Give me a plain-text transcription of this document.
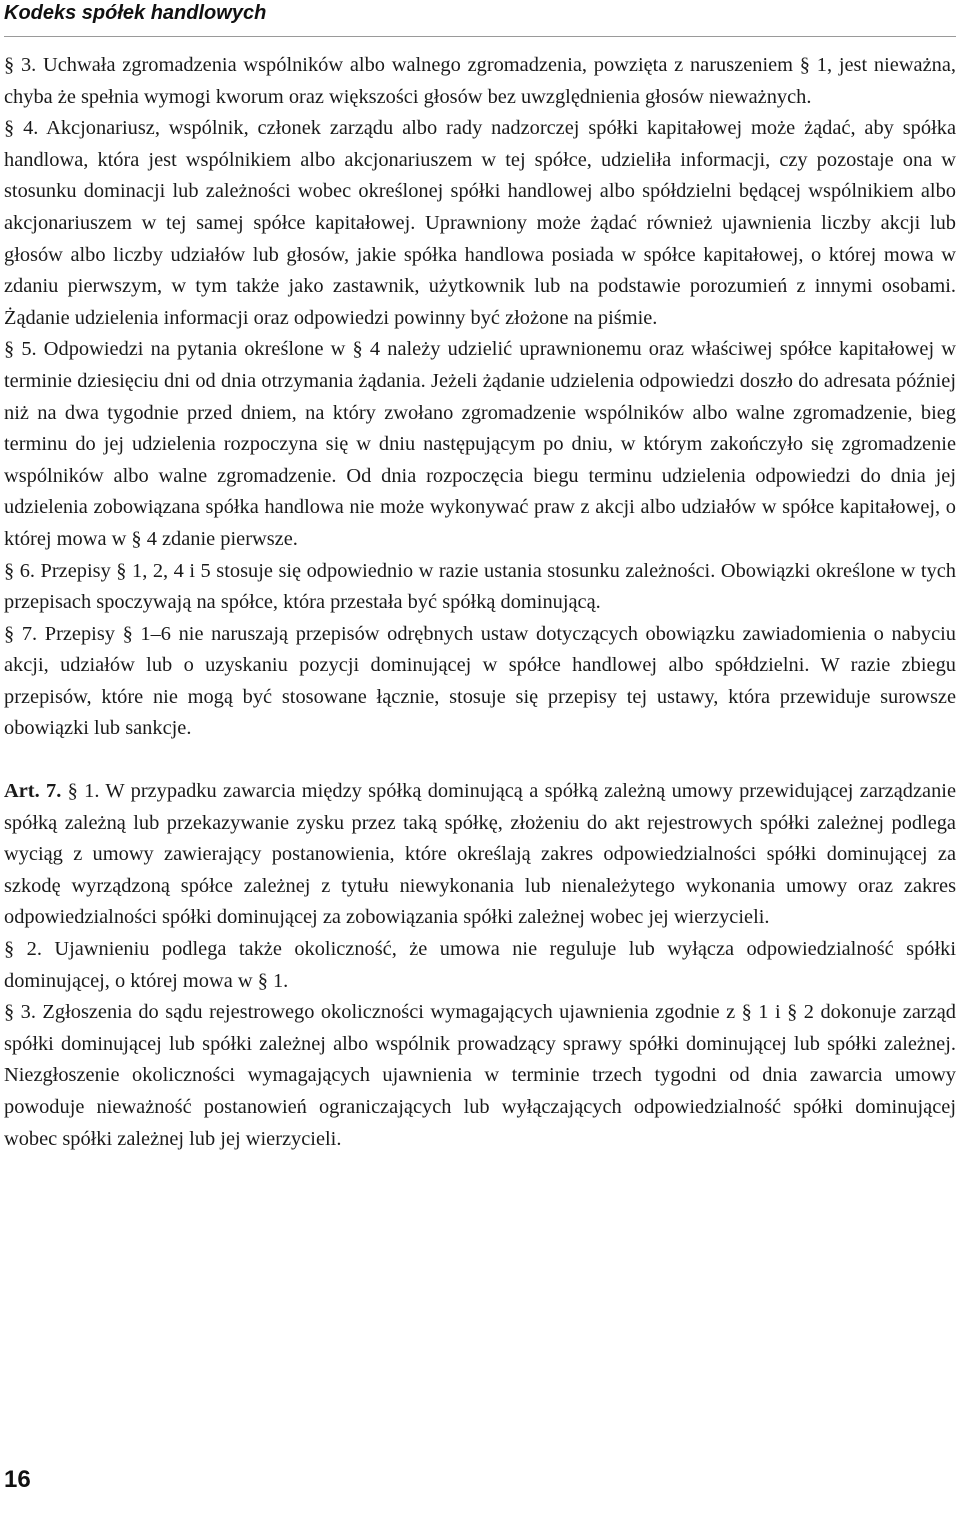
Kodeks spółek handlowych

§ 3. Uchwała zgromadzenia wspólników albo walnego zgromadzenia, powzięta z naruszeniem § 1, jest nieważna, chyba że spełnia wymogi kworum oraz większości głosów bez uwzględnienia głosów nieważnych.

§ 4. Akcjonariusz, wspólnik, członek zarządu albo rady nadzorczej spółki kapitałowej może żądać, aby spółka handlowa, która jest wspólnikiem albo akcjonariuszem w tej spółce, udzieliła informacji, czy pozostaje ona w stosunku dominacji lub zależności wobec określonej spółki handlowej albo spółdzielni będącej wspólnikiem albo akcjonariuszem w tej samej spółce kapitałowej. Uprawniony może żądać również ujawnienia liczby akcji lub głosów albo liczby udziałów lub głosów, jakie spółka handlowa posiada w spółce kapitałowej, o której mowa w zdaniu pierwszym, w tym także jako zastawnik, użytkownik lub na podstawie porozumień z innymi osobami. Żądanie udzielenia informacji oraz odpowiedzi powinny być złożone na piśmie.

§ 5. Odpowiedzi na pytania określone w § 4 należy udzielić uprawnionemu oraz właściwej spółce kapitałowej w terminie dziesięciu dni od dnia otrzymania żądania. Jeżeli żądanie udzielenia odpowiedzi doszło do adresata później niż na dwa tygodnie przed dniem, na który zwołano zgromadzenie wspólników albo walne zgromadzenie, bieg terminu do jej udzielenia rozpoczyna się w dniu następującym po dniu, w którym zakończyło się zgromadzenie wspólników albo walne zgromadzenie. Od dnia rozpoczęcia biegu terminu udzielenia odpowiedzi do dnia jej udzielenia zobowiązana spółka handlowa nie może wykonywać praw z akcji albo udziałów w spółce kapitałowej, o której mowa w § 4 zdanie pierwsze.

§ 6. Przepisy § 1, 2, 4 i 5 stosuje się odpowiednio w razie ustania stosunku zależności. Obowiązki określone w tych przepisach spoczywają na spółce, która przestała być spółką dominującą.

§ 7. Przepisy § 1–6 nie naruszają przepisów odrębnych ustaw dotyczących obowiązku zawiadomienia o nabyciu akcji, udziałów lub o uzyskaniu pozycji dominującej w spółce handlowej albo spółdzielni. W razie zbiegu przepisów, które nie mogą być stosowane łącznie, stosuje się przepisy tej ustawy, która przewiduje surowsze obowiązki lub sankcje.

Art. 7. § 1. W przypadku zawarcia między spółką dominującą a spółką zależną umowy przewidującej zarządzanie spółką zależną lub przekazywanie zysku przez taką spółkę, złożeniu do akt rejestrowych spółki zależnej podlega wyciąg z umowy zawierający postanowienia, które określają zakres odpowiedzialności spółki dominującej za szkodę wyrządzoną spółce zależnej z tytułu niewykonania lub nienależytego wykonania umowy oraz zakres odpowiedzialności spółki dominującej za zobowiązania spółki zależnej wobec jej wierzycieli.

§ 2. Ujawnieniu podlega także okoliczność, że umowa nie reguluje lub wyłącza odpowiedzialność spółki dominującej, o której mowa w § 1.

§ 3. Zgłoszenia do sądu rejestrowego okoliczności wymagających ujawnienia zgodnie z § 1 i § 2 dokonuje zarząd spółki dominującej lub spółki zależnej albo wspólnik prowadzący sprawy spółki dominującej lub spółki zależnej. Niezgłoszenie okoliczności wymagających ujawnienia w terminie trzech tygodni od dnia zawarcia umowy powoduje nieważność postanowień ograniczających lub wyłączających odpowiedzialność spółki dominującej wobec spółki zależnej lub jej wierzycieli.

16
